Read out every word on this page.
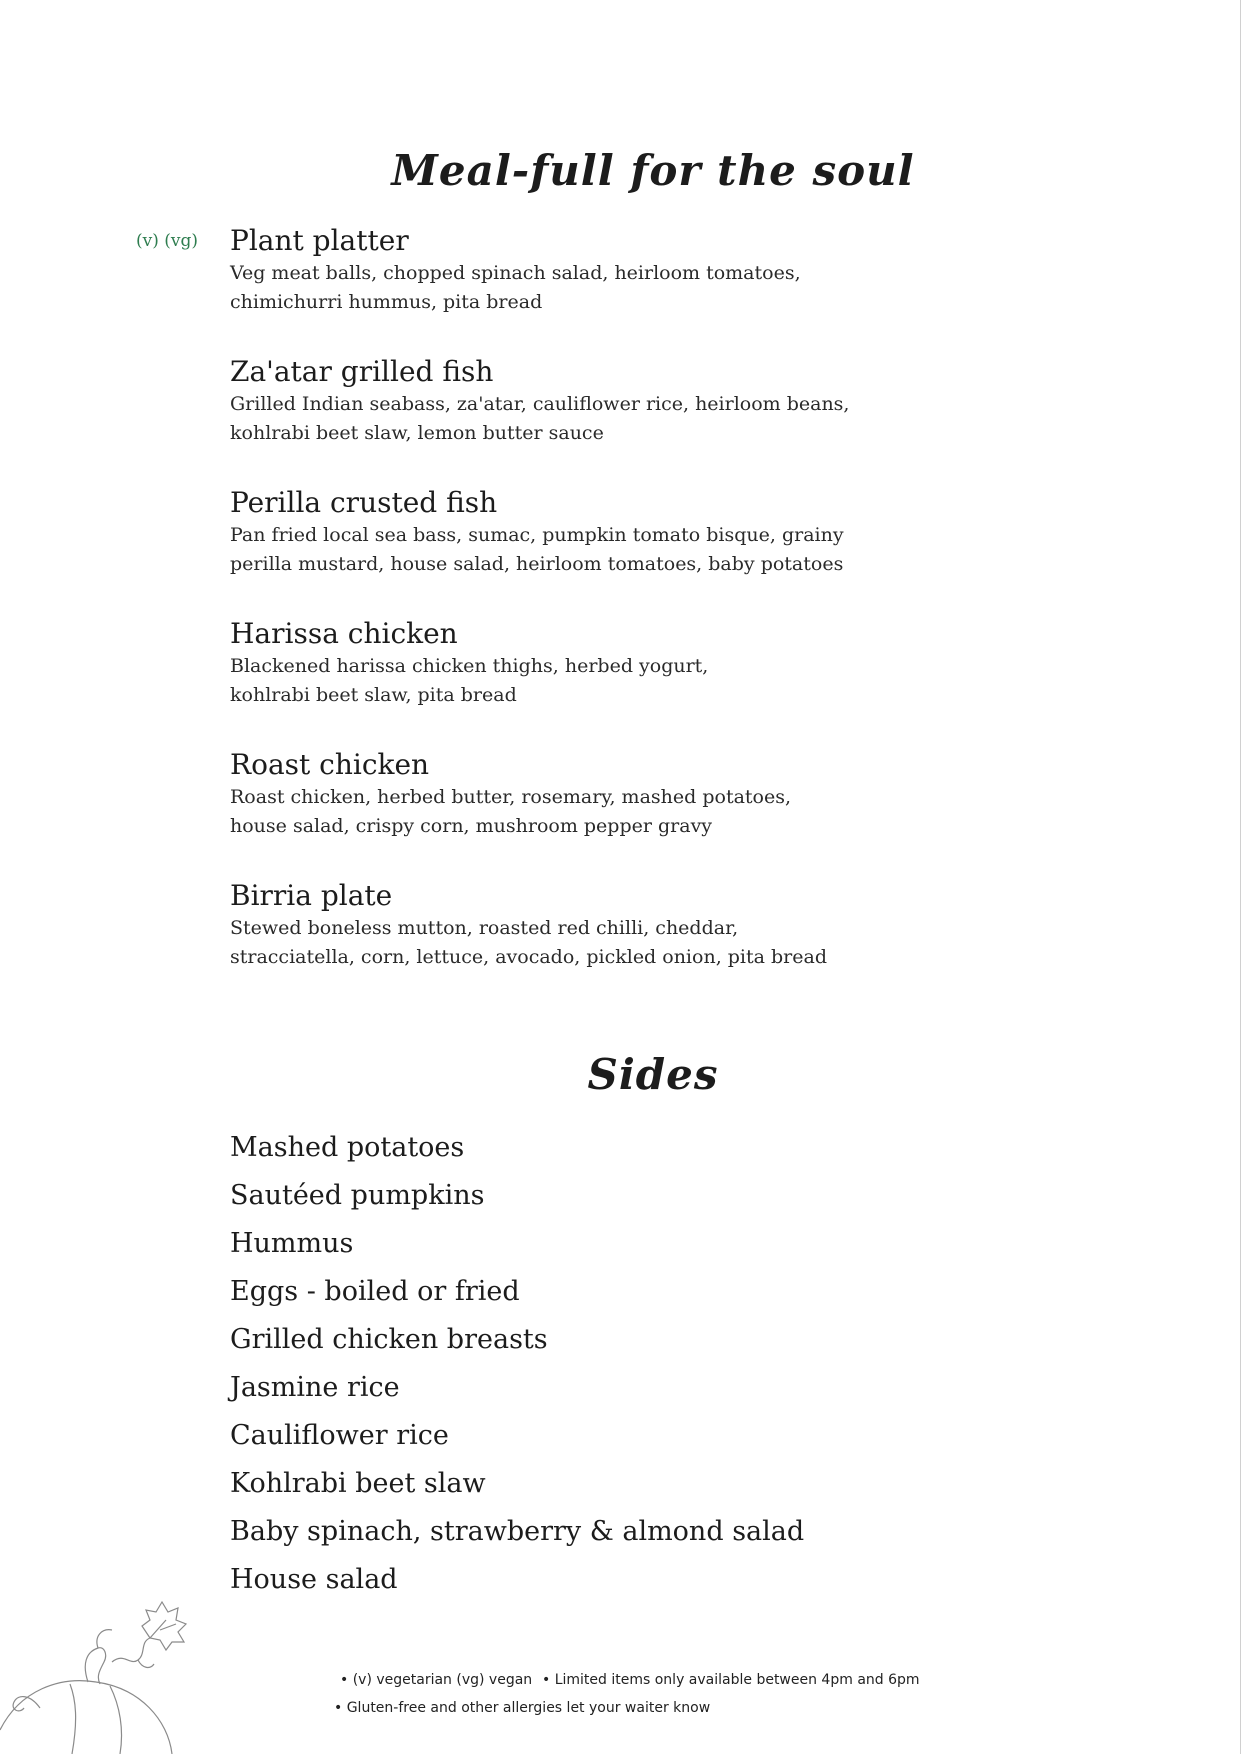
Meal-full for the soul
(v) (vg) Plant platter

Veg meat balls, chopped spinach salad, heirloom tomatoes,
chimichurri hummus, pita bread

Za'atar grilled fish

Grilled Indian seabass, za'atar, cauliflower rice, heirloom beans,
kohlrabi beet slaw, lemon butter sauce

Perilla crusted fish

Pan fried local sea bass, sumac, pumpkin tomato bisque, grainy
perilla mustard, house salad, heirloom tomatoes, baby potatoes

Harissa chicken

Blackened harissa chicken thighs, herbed yogurt,
kohlrabi beet slaw, pita bread

Roast chicken

Roast chicken, herbed butter, rosemary, mashed potatoes,
house salad, crispy corn, mushroom pepper gravy

Birria plate

Stewed boneless mutton, roasted red chilli, cheddar,
stracciatella, corn, lettuce, avocado, pickled onion, pita bread

Sides
Mashed potatoes
Sautéed pumpkins
Hummus
Eggs - boiled or fried
Grilled chicken breasts
Jasmine rice
Cauliflower rice
Kohlrabi beet slaw
Baby spinach, strawberry & almond salad
House salad
• (v) vegetarian (vg) vegan • Limited items only available between 4pm and 6pm
• Gluten-free and other allergies let your waiter know
